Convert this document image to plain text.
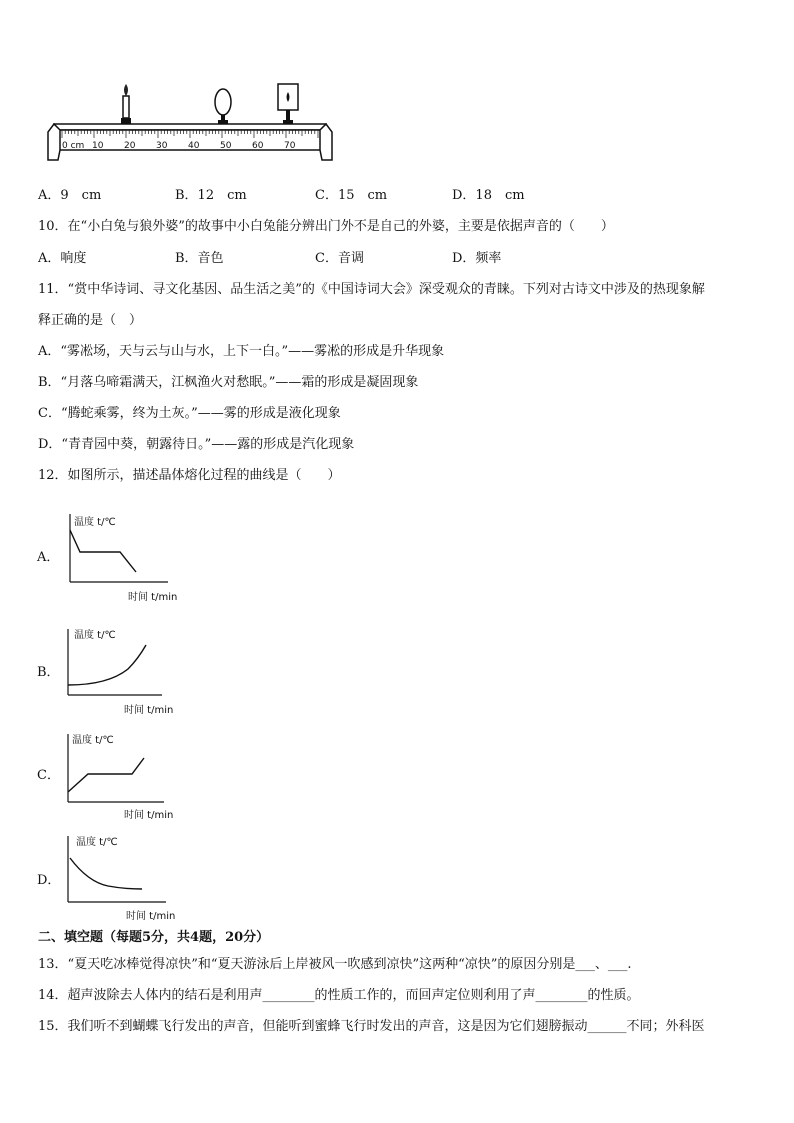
0 cm 10 20 30 40 50 60 70
A．9　cm	B．12　cm	C．15　cm	D．18　cm
10．在“小白兔与狼外婆”的故事中小白兔能分辨出门外不是自己的外婆，主要是依据声音的（　　）
A．响度	B．音色	C．音调	D．频率
11．“赏中华诗词、寻文化基因、品生活之美”的《中国诗词大会》深受观众的青睐。下列对古诗文中涉及的热现象解
释正确的是（　）
A．“雾凇场，天与云与山与水，上下一白。”——雾凇的形成是升华现象
B．“月落乌啼霜满天，江枫渔火对愁眠。”——霜的形成是凝固现象
C．“腾蛇乘雾，终为土灰。”——雾的形成是液化现象
D．“青青园中葵，朝露待日。”——露的形成是汽化现象
12．如图所示，描述晶体熔化过程的曲线是（　　）
A．
温度 t/℃
时间 t/min
B．
温度 t/℃
时间 t/min
C．
温度 t/℃
时间 t/min
D．
温度 t/℃
时间 t/min
二、填空题（每题5分，共4题，20分）
13．“夏天吃冰棒觉得凉快”和“夏天游泳后上岸被风一吹感到凉快”这两种“凉快”的原因分别是___、___.
14．超声波除去人体内的结石是利用声________的性质工作的，而回声定位则利用了声________的性质。
15．我们听不到蝴蝶飞行发出的声音，但能听到蜜蜂飞行时发出的声音，这是因为它们翅膀振动______不同；外科医
